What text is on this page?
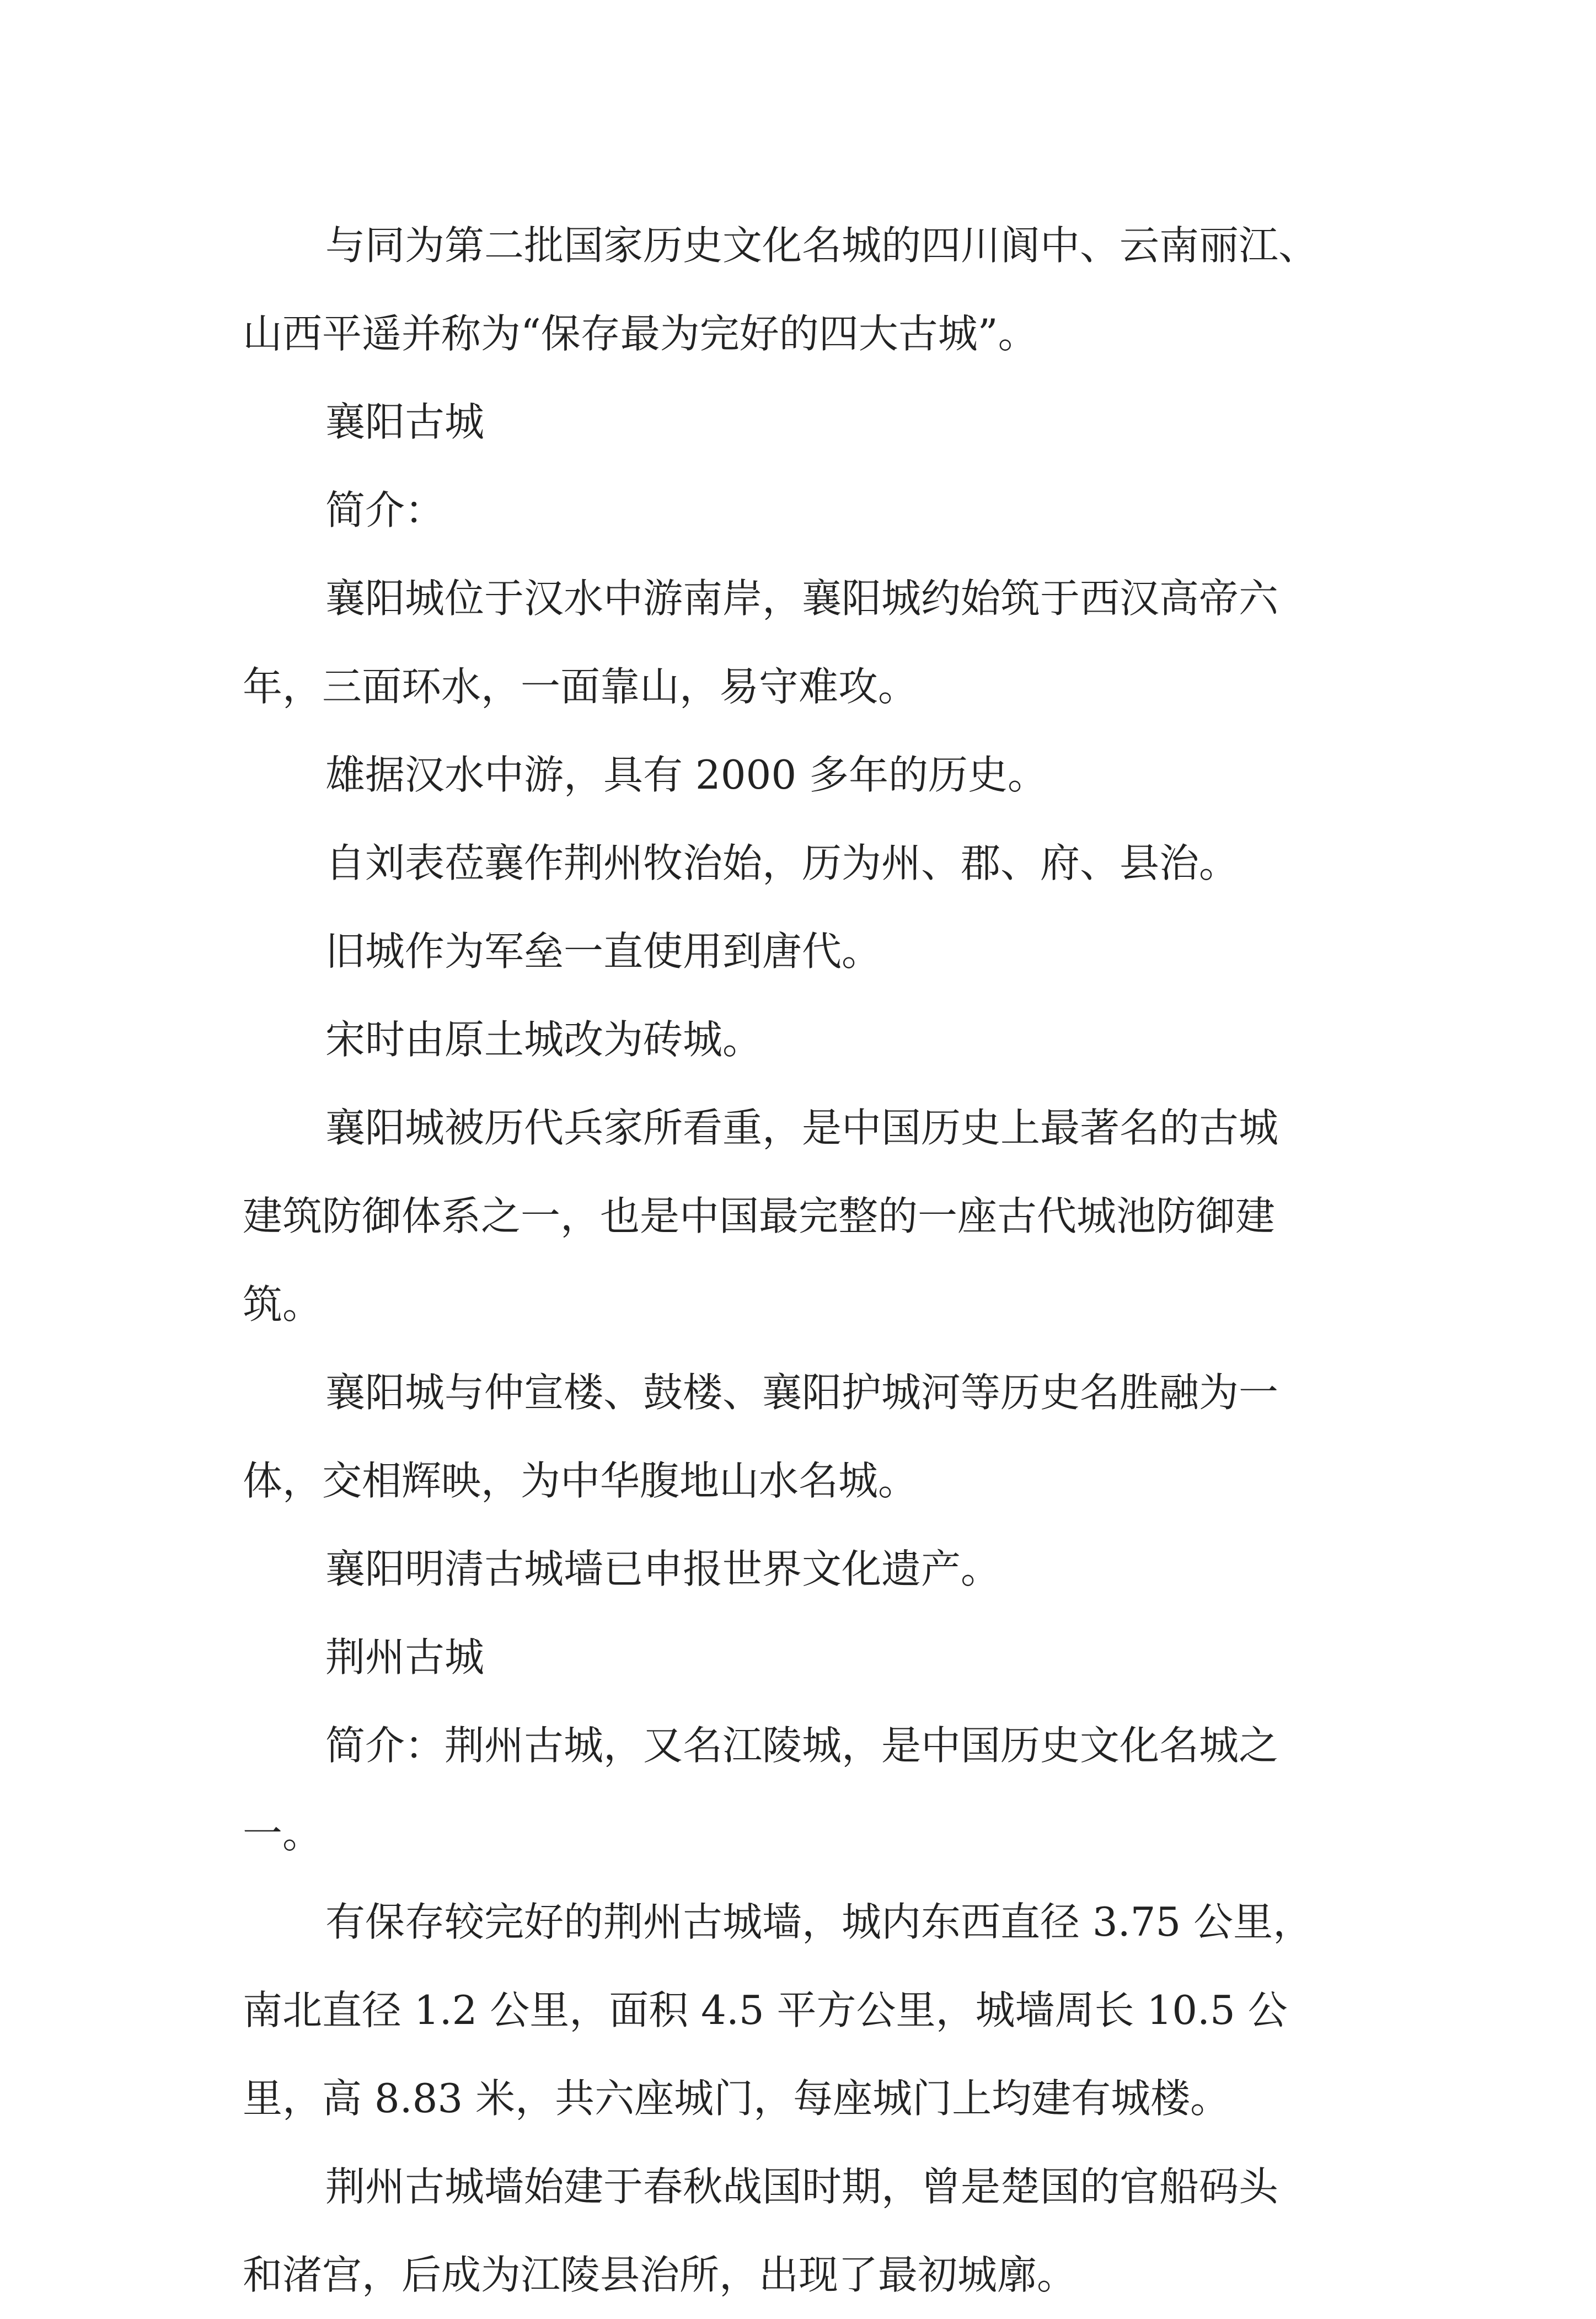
与同为第二批国家历史文化名城的四川阆中、云南丽江、

山西平遥并称为“保存最为完好的四大古城”。

襄阳古城

简介：

襄阳城位于汉水中游南岸，襄阳城约始筑于西汉高帝六

年，三面环水，一面靠山，易守难攻。

雄据汉水中游，具有 2000 多年的历史。

自刘表莅襄作荆州牧治始，历为州、郡、府、县治。

旧城作为军垒一直使用到唐代。

宋时由原土城改为砖城。

襄阳城被历代兵家所看重，是中国历史上最著名的古城

建筑防御体系之一，也是中国最完整的一座古代城池防御建

筑。

襄阳城与仲宣楼、鼓楼、襄阳护城河等历史名胜融为一

体，交相辉映，为中华腹地山水名城。

襄阳明清古城墙已申报世界文化遗产。

荆州古城

简介：荆州古城，又名江陵城，是中国历史文化名城之

一。

有保存较完好的荆州古城墙，城内东西直径 3.75 公里，

南北直径 1.2 公里，面积 4.5 平方公里，城墙周长 10.5 公

里，高 8.83 米，共六座城门，每座城门上均建有城楼。

荆州古城墙始建于春秋战国时期，曾是楚国的官船码头

和渚宫，后成为江陵县治所，出现了最初城廓。
